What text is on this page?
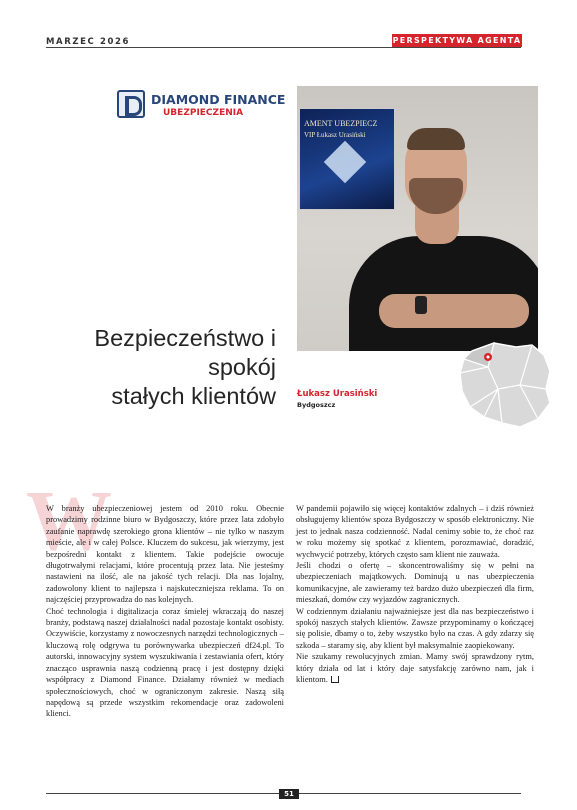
MARZEC 2026	PERSPEKTYWA AGENTA
DIAMOND FINANCE
UBEZPIECZENIA
AMENT UBEZPIECZ
VIP Łukasz Urasiński
Bezpieczeństwo i spokój
stałych klientów Łukasz Urasiński
Bydgoszcz
W

W branży ubezpieczeniowej jestem od 2010 roku. Obecnie prowadzimy rodzinne biuro w Bydgoszczy, które przez lata zdobyło zaufanie naprawdę szerokiego grona klientów – nie tylko w naszym mieście, ale i w całej Polsce. Kluczem do sukcesu, jak wierzymy, jest bezpośredni kontakt z klientem. Takie podejście owocuje długotrwałymi relacjami, które procentują przez lata. Nie jesteśmy nastawieni na ilość, ale na jakość tych relacji. Dla nas lojalny, zadowolony klient to najlepsza i najskuteczniejsza reklama. To on najczęściej przyprowadza do nas kolejnych.

Choć technologia i digitalizacja coraz śmielej wkraczają do naszej branży, podstawą naszej działalności nadal pozostaje kontakt osobisty. Oczywiście, korzystamy z nowoczesnych narzędzi technologicznych – kluczową rolę odgrywa tu porównywarka ubezpieczeń df24.pl. To autorski, innowacyjny system wyszukiwania i zestawiania ofert, który znacząco usprawnia naszą codzienną pracę i jest dostępny dzięki współpracy z Diamond Finance. Działamy również w mediach społecznościowych, choć w ograniczonym zakresie. Naszą siłą napędową są przede wszystkim rekomendacje oraz zadowoleni klienci.

W pandemii pojawiło się więcej kontaktów zdalnych – i dziś również obsługujemy klientów spoza Bydgoszczy w sposób elektroniczny. Nie jest to jednak nasza codzienność. Nadal cenimy sobie to, że choć raz w roku możemy się spotkać z klientem, porozmawiać, doradzić, wychwycić potrzeby, których często sam klient nie zauważa.

Jeśli chodzi o ofertę – skoncentrowaliśmy się w pełni na ubezpieczeniach majątkowych. Dominują u nas ubezpieczenia komunikacyjne, ale zawieramy też bardzo dużo ubezpieczeń dla firm, mieszkań, domów czy wyjazdów zagranicznych.

W codziennym działaniu najważniejsze jest dla nas bezpieczeństwo i spokój naszych stałych klientów. Zawsze przypominamy o kończącej się polisie, dbamy o to, żeby wszystko było na czas. A gdy zdarzy się szkoda – staramy się, aby klient był maksymalnie zaopiekowany.

Nie szukamy rewolucyjnych zmian. Mamy swój sprawdzony rytm, który działa od lat i który daje satysfakcję zarówno nam, jak i klientom.

51
